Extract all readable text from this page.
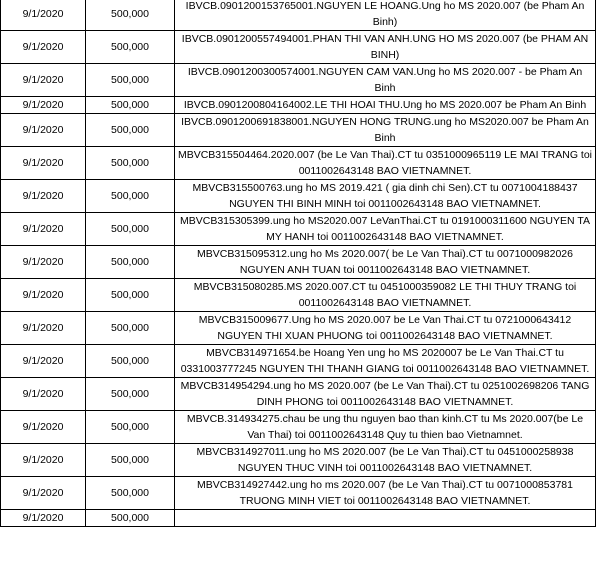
9/1/2020	500,000	IBVCB.0901200153765001.NGUYEN LE HOANG.Ung ho MS 2020.007 (be Pham An Binh)
9/1/2020	500,000	IBVCB.0901200557494001.PHAN THI VAN ANH.UNG HO MS 2020.007 (be PHAM AN BINH)
9/1/2020	500,000	IBVCB.0901200300574001.NGUYEN CAM VAN.Ung ho MS 2020.007 - be Pham An Binh
9/1/2020	500,000	IBVCB.0901200804164002.LE THI HOAI THU.Ung ho MS 2020.007 be Pham An Binh
9/1/2020	500,000	IBVCB.0901200691838001.NGUYEN HONG TRUNG.ung ho MS2020.007 be Pham An Binh
9/1/2020	500,000	MBVCB315504464.2020.007 (be Le Van Thai).CT tu 0351000965119 LE MAI TRANG toi 0011002643148 BAO VIETNAMNET.
9/1/2020	500,000	MBVCB315500763.ung ho MS 2019.421 ( gia dinh chi Sen).CT tu 0071004188437 NGUYEN THI BINH MINH toi 0011002643148 BAO VIETNAMNET.
9/1/2020	500,000	MBVCB315305399.ung ho MS2020.007 LeVanThai.CT tu 0191000311600 NGUYEN TA MY HANH toi 0011002643148 BAO VIETNAMNET.
9/1/2020	500,000	MBVCB315095312.ung ho Ms 2020.007( be Le Van Thai).CT tu 0071000982026 NGUYEN ANH TUAN toi 0011002643148 BAO VIETNAMNET.
9/1/2020	500,000	MBVCB315080285.MS 2020.007.CT tu 0451000359082 LE THI THUY TRANG toi 0011002643148 BAO VIETNAMNET.
9/1/2020	500,000	MBVCB315009677.Ung ho MS 2020.007 be Le Van Thai.CT tu 0721000643412 NGUYEN THI XUAN PHUONG toi 0011002643148 BAO VIETNAMNET.
9/1/2020	500,000	MBVCB314971654.be Hoang Yen ung ho MS 2020007 be Le Van Thai.CT tu 0331003777245 NGUYEN THI THANH GIANG toi 0011002643148 BAO VIETNAMNET.
9/1/2020	500,000	MBVCB314954294.ung ho MS 2020.007 (be Le Van Thai).CT tu 0251002698206 TANG DINH PHONG toi 0011002643148 BAO VIETNAMNET.
9/1/2020	500,000	MBVCB.314934275.chau be ung thu nguyen bao than kinh.CT tu Ms 2020.007(be Le Van Thai) toi 0011002643148 Quy tu thien bao Vietnamnet.
9/1/2020	500,000	MBVCB314927011.ung ho MS 2020.007 (be Le Van Thai).CT tu 0451000258938 NGUYEN THUC VINH toi 0011002643148 BAO VIETNAMNET.
9/1/2020	500,000	MBVCB314927442.ung ho ms 2020.007 (be Le Van Thai).CT tu 0071000853781 TRUONG MINH VIET toi 0011002643148 BAO VIETNAMNET.
9/1/2020	500,000	
